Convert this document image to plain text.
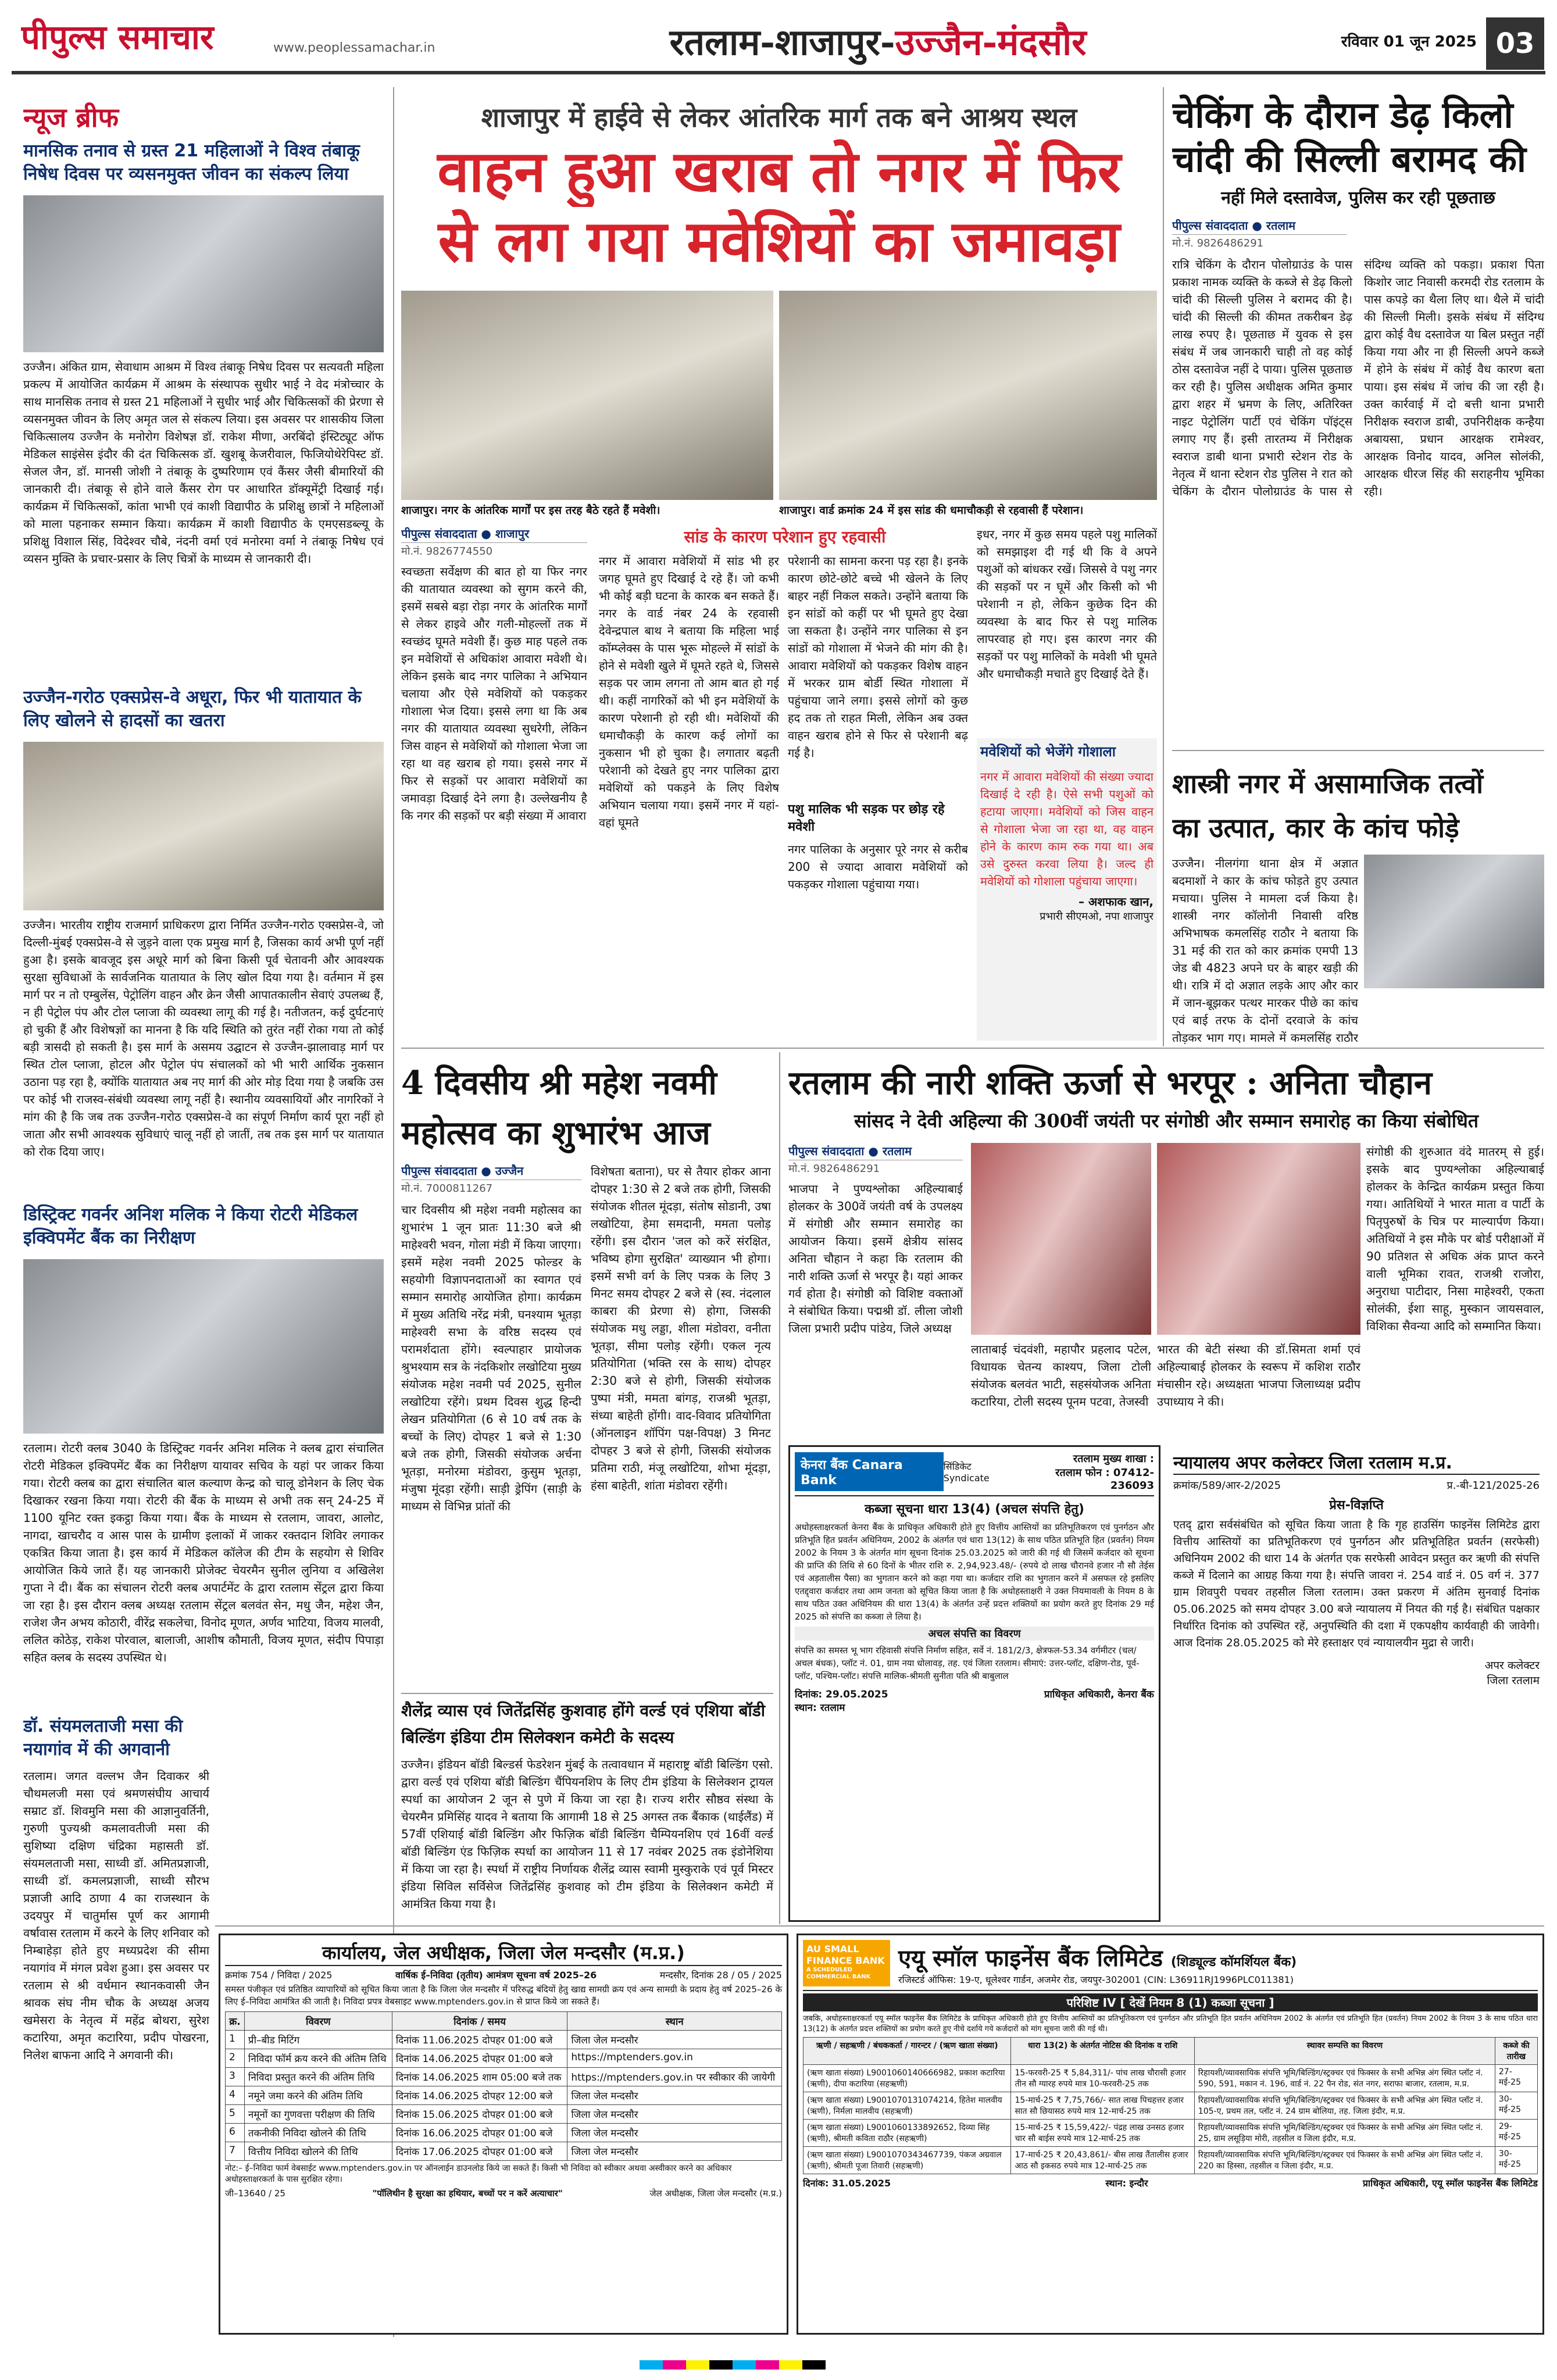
पीपुल्स समाचार	www.peoplessamachar.in	रतलाम-शाजापुर-उज्जैन-मंदसौर	रविवार 01 जून 2025 03
न्यूज ब्रीफ
मानसिक तनाव से ग्रस्त 21 महिलाओं ने विश्व तंबाकू निषेध दिवस पर व्यसनमुक्त जीवन का संकल्प लिया
उज्जैन। अंकित ग्राम, सेवाधाम आश्रम में विश्व तंबाकू निषेध दिवस पर सत्यवती महिला प्रकल्प में आयोजित कार्यक्रम में आश्रम के संस्थापक सुधीर भाई ने वेद मंत्रोच्चार के साथ मानसिक तनाव से ग्रस्त 21 महिलाओं ने सुधीर भाई और चिकित्सकों की प्रेरणा से व्यसनमुक्त जीवन के लिए अमृत जल से संकल्प लिया। इस अवसर पर शासकीय जिला चिकित्सालय उज्जैन के मनोरोग विशेषज्ञ डॉ. राकेश मीणा, अरबिंदो इंस्टिट्यूट ऑफ मेडिकल साइंसेस इंदौर की दंत चिकित्सक डॉ. खुशबू केजरीवाल, फिजियोथेरेपिस्ट डॉ. सेजल जैन, डॉ. मानसी जोशी ने तंबाकू के दुष्परिणाम एवं कैंसर जैसी बीमारियों की जानकारी दी। तंबाकू से होने वाले कैंसर रोग पर आधारित डॉक्यूमेंट्री दिखाई गई। कार्यक्रम में चिकित्सकों, कांता भाभी एवं काशी विद्यापीठ के प्रशिक्षु छात्रों ने महिलाओं को माला पहनाकर सम्मान किया। कार्यक्रम में काशी विद्यापीठ के एमएसडब्ल्यू के प्रशिक्षु विशाल सिंह, विदेश्वर चौबे, नंदनी वर्मा एवं मनोरमा वर्मा ने तंबाकू निषेध एवं व्यसन मुक्ति के प्रचार-प्रसार के लिए चित्रों के माध्यम से जानकारी दी।
उज्जैन-गरोठ एक्सप्रेस-वे अधूरा, फिर भी यातायात के लिए खोलने से हादसों का खतरा
उज्जैन। भारतीय राष्ट्रीय राजमार्ग प्राधिकरण द्वारा निर्मित उज्जैन-गरोठ एक्सप्रेस-वे, जो दिल्ली-मुंबई एक्सप्रेस-वे से जुड़ने वाला एक प्रमुख मार्ग है, जिसका कार्य अभी पूर्ण नहीं हुआ है। इसके बावजूद इस अधूरे मार्ग को बिना किसी पूर्व चेतावनी और आवश्यक सुरक्षा सुविधाओं के सार्वजनिक यातायात के लिए खोल दिया गया है। वर्तमान में इस मार्ग पर न तो एम्बुलेंस, पेट्रोलिंग वाहन और क्रेन जैसी आपातकालीन सेवाएं उपलब्ध हैं, न ही पेट्रोल पंप और टोल प्लाजा की व्यवस्था लागू की गई है। नतीजतन, कई दुर्घटनाएं हो चुकी हैं और विशेषज्ञों का मानना है कि यदि स्थिति को तुरंत नहीं रोका गया तो कोई बड़ी त्रासदी हो सकती है। इस मार्ग के असमय उद्घाटन से उज्जैन-झालावाड़ मार्ग पर स्थित टोल प्लाजा, होटल और पेट्रोल पंप संचालकों को भी भारी आर्थिक नुकसान उठाना पड़ रहा है, क्योंकि यातायात अब नए मार्ग की ओर मोड़ दिया गया है जबकि उस पर कोई भी राजस्व-संबंधी व्यवस्था लागू नहीं है। स्थानीय व्यवसायियों और नागरिकों ने मांग की है कि जब तक उज्जैन-गरोठ एक्सप्रेस-वे का संपूर्ण निर्माण कार्य पूरा नहीं हो जाता और सभी आवश्यक सुविधाएं चालू नहीं हो जातीं, तब तक इस मार्ग पर यातायात को रोक दिया जाए।
डिस्ट्रिक्ट गवर्नर अनिश मलिक ने किया रोटरी मेडिकल इक्विपमेंट बैंक का निरीक्षण
रतलाम। रोटरी क्लब 3040 के डिस्ट्रिक्ट गवर्नर अनिश मलिक ने क्लब द्वारा संचालित रोटरी मेडिकल इक्विपमेंट बैंक का निरीक्षण यायावर सचिव के यहां पर जाकर किया गया। रोटरी क्लब का द्वारा संचालित बाल कल्याण केन्द्र को चालू डोनेशन के लिए चेक दिखाकर रखना किया गया। रोटरी की बैंक के माध्यम से अभी तक सन् 24-25 में 1100 यूनिट रक्त इकट्ठा किया गया। बैंक के माध्यम से रतलाम, जावरा, आलोट, नागदा, खाचरौद व आस पास के ग्रामीण इलाकों में जाकर रक्तदान शिविर लगाकर एकत्रित किया जाता है। इस कार्य में मेडिकल कॉलेज की टीम के सहयोग से शिविर आयोजित किये जाते हैं। यह जानकारी प्रोजेक्ट चेयरमैन सुनील लुनिया व अखिलेश गुप्ता ने दी। बैंक का संचालन रोटरी क्लब अपार्टमेंट के द्वारा रतलाम सेंट्रल द्वारा किया जा रहा है। इस दौरान क्लब अध्यक्ष रतलाम सेंट्रल बलवंत सेन, मधु जैन, महेश जैन, राजेश जैन अभय कोठारी, वीरेंद्र सकलेचा, विनोद मूणत, अर्णव भाटिया, विजय मालवी, ललित कोठेड़, राकेश पोरवाल, बालाजी, आशीष कौमाती, विजय मूणत, संदीप पिपाड़ा सहित क्लब के सदस्य उपस्थित थे।
डॉ. संयमलताजी मसा की नयागांव में की अगवानी
रतलाम। जगत वल्लभ जैन दिवाकर श्री चौथमलजी मसा एवं श्रमणसंघीय आचार्य सम्राट डॉ. शिवमुनि मसा की आज्ञानुवर्तिनी, गुरुणी पुज्यश्री कमलावतीजी मसा की सुशिष्या दक्षिण चंद्रिका महासती डॉ. संयमलताजी मसा, साध्वी डॉ. अमितप्रज्ञाजी, साध्वी डॉ. कमलप्रज्ञाजी, साध्वी सौरभ प्रज्ञाजी आदि ठाणा 4 का राजस्थान के उदयपुर में चातुर्मास पूर्ण कर आगामी वर्षावास रतलाम में करने के लिए शनिवार को निम्बाहेड़ा होते हुए मध्यप्रदेश की सीमा नयागांव में मंगल प्रवेश हुआ। इस अवसर पर रतलाम से श्री वर्धमान स्थानकवासी जैन श्रावक संघ नीम चौक के अध्यक्ष अजय खमेसरा के नेतृत्व में महेंद्र बोथरा, सुरेश कटारिया, अमृत कटारिया, प्रदीप पोखरना, निलेश बाफना आदि ने अगवानी की।
शाजापुर में हाईवे से लेकर आंतरिक मार्ग तक बने आश्रय स्थल
वाहन हुआ खराब तो नगर में फिर
से लग गया मवेशियों का जमावड़ा
शाजापुर। नगर के आंतरिक मार्गों पर इस तरह बैठे रहते हैं मवेशी।	शाजापुर। वार्ड क्रमांक 24 में इस सांड की धमाचौकड़ी से रहवासी हैं परेशान।
पीपुल्स संवाददाता ● शाजापुर
मो.नं. 9826774550
स्वच्छता सर्वेक्षण की बात हो या फिर नगर की यातायात व्यवस्था को सुगम करने की, इसमें सबसे बड़ा रोड़ा नगर के आंतरिक मार्गों से लेकर हाइवे और गली-मोहल्लों तक में स्वच्छंद घूमते मवेशी हैं। कुछ माह पहले तक इन मवेशियों से अधिकांश आवारा मवेशी थे। लेकिन इसके बाद नगर पालिका ने अभियान चलाया और ऐसे मवेशियों को पकड़कर गोशाला भेज दिया। इससे लगा था कि अब नगर की यातायात व्यवस्था सुधरेगी, लेकिन जिस वाहन से मवेशियों को गोशाला भेजा जा रहा था वह खराब हो गया। इससे नगर में फिर से सड़कों पर आवारा मवेशियों का जमावड़ा दिखाई देने लगा है। उल्लेखनीय है कि नगर की सड़कों पर बड़ी संख्या में आवारा
सांड के कारण परेशान हुए रहवासी
नगर में आवारा मवेशियों में सांड भी हर जगह घूमते हुए दिखाई दे रहे हैं। जो कभी भी कोई बड़ी घटना के कारक बन सकते हैं। नगर के वार्ड नंबर 24 के रहवासी देवेन्द्रपाल बाथ ने बताया कि महिला भाई कॉम्प्लेक्स के पास भूरू मोहल्ले में सांडों के होने से मवेशी खुले में घूमते रहते थे, जिससे सड़क पर जाम लगना तो आम बात हो गई थी। कहीं नागरिकों को भी इन मवेशियों के कारण परेशानी हो रही थी। मवेशियों की धमाचौकड़ी के कारण कई लोगों का नुकसान भी हो चुका है। लगातार बढ़ती परेशानी को देखते हुए नगर पालिका द्वारा मवेशियों को पकड़ने के लिए विशेष अभियान चलाया गया। इसमें नगर में यहां-वहां घूमते
परेशानी का सामना करना पड़ रहा है। इनके कारण छोटे-छोटे बच्चे भी खेलने के लिए बाहर नहीं निकल सकते। उन्होंने बताया कि इन सांडों को कहीं पर भी घूमते हुए देखा जा सकता है। उन्होंने नगर पालिका से इन सांडों को गोशाला में भेजने की मांग की है। आवारा मवेशियों को पकड़कर विशेष वाहन में भरकर ग्राम बोर्डी स्थित गोशाला में पहुंचाया जाने लगा। इससे लोगों को कुछ हद तक तो राहत मिली, लेकिन अब उक्त वाहन खराब होने से फिर से परेशानी बढ़ गई है।
पशु मालिक भी सड़क पर छोड़ रहे मवेशी
नगर पालिका के अनुसार पूरे नगर से करीब 200 से ज्यादा आवारा मवेशियों को पकड़कर गोशाला पहुंचाया गया।
इधर, नगर में कुछ समय पहले पशु मालिकों को समझाइश दी गई थी कि वे अपने पशुओं को बांधकर रखें। जिससे वे पशु नगर की सड़कों पर न घूमें और किसी को भी परेशानी न हो, लेकिन कुछेक दिन की व्यवस्था के बाद फिर से पशु मालिक लापरवाह हो गए। इस कारण नगर की सड़कों पर पशु मालिकों के मवेशी भी घूमते और धमाचौकड़ी मचाते हुए दिखाई देते हैं।
मवेशियों को भेजेंगे गोशाला
नगर में आवारा मवेशियों की संख्या ज्यादा दिखाई दे रही है। ऐसे सभी पशुओं को हटाया जाएगा। मवेशियों को जिस वाहन से गोशाला भेजा जा रहा था, वह वाहन होने के कारण काम रुक गया था। अब उसे दुरुस्त करवा लिया है। जल्द ही मवेशियों को गोशाला पहुंचाया जाएगा।
– अशफाक खान,
प्रभारी सीएमओ, नपा शाजापुर
चेकिंग के दौरान डेढ़ किलो
चांदी की सिल्ली बरामद की
नहीं मिले दस्तावेज, पुलिस कर रही पूछताछ
पीपुल्स संवाददाता ● रतलाम
मो.नं. 9826486291
रात्रि चेकिंग के दौरान पोलोग्राउंड के पास प्रकाश नामक व्यक्ति के कब्जे से डेढ़ किलो चांदी की सिल्ली पुलिस ने बरामद की है। चांदी की सिल्ली की कीमत तकरीबन डेढ़ लाख रुपए है। पूछताछ में युवक से इस संबंध में जब जानकारी चाही तो वह कोई ठोस दस्तावेज नहीं दे पाया। पुलिस पूछताछ कर रही है। पुलिस अधीक्षक अमित कुमार द्वारा शहर में भ्रमण के लिए, अतिरिक्त नाइट पेट्रोलिंग पार्टी एवं चेकिंग पॉइंट्स लगाए गए हैं। इसी तारतम्य में निरीक्षक स्वराज डाबी थाना प्रभारी स्टेशन रोड के नेतृत्व में थाना स्टेशन रोड पुलिस ने रात को चेकिंग के दौरान पोलोग्राउंड के पास से संदिग्ध व्यक्ति को पकड़ा। प्रकाश पिता किशोर जाट निवासी करमदी रोड रतलाम के पास कपड़े का थैला लिए था। थैले में चांदी की सिल्ली मिली। इसके संबंध में संदिग्ध द्वारा कोई वैध दस्तावेज या बिल प्रस्तुत नहीं किया गया और ना ही सिल्ली अपने कब्जे में होने के संबंध में कोई वैध कारण बता पाया। इस संबंध में जांच की जा रही है। उक्त कार्रवाई में दो बत्ती थाना प्रभारी निरीक्षक स्वराज डाबी, उपनिरीक्षक कन्हैया अबायसा, प्रधान आरक्षक रामेश्वर, आरक्षक विनोद यादव, अनिल सोलंकी, आरक्षक धीरज सिंह की सराहनीय भूमिका रही।
शास्त्री नगर में असामाजिक तत्वों
का उत्पात, कार के कांच फोड़े
उज्जैन। नीलगंगा थाना क्षेत्र में अज्ञात बदमाशों ने कार के कांच फोड़ते हुए उत्पात मचाया। पुलिस ने मामला दर्ज किया है। शास्त्री नगर कॉलोनी निवासी वरिष्ठ अभिभाषक कमलसिंह राठौर ने बताया कि 31 मई की रात को कार क्रमांक एमपी 13 जेड बी 4823 अपने घर के बाहर खड़ी की थी। रात्रि में दो अज्ञात लड़के आए और कार में जान-बूझकर पत्थर मारकर पीछे का कांच एवं बाई तरफ के दोनों दरवाजे के कांच तोड़कर भाग गए। मामले में कमलसिंह राठौर
4 दिवसीय श्री महेश नवमी
महोत्सव का शुभारंभ आज
पीपुल्स संवाददाता ● उज्जैन
मो.नं. 7000811267
चार दिवसीय श्री महेश नवमी महोत्सव का शुभारंभ 1 जून प्रातः 11:30 बजे श्री माहेश्वरी भवन, गोला मंडी में किया जाएगा। इसमें महेश नवमी 2025 फोल्डर के सहयोगी विज्ञापनदाताओं का स्वागत एवं सम्मान समारोह आयोजित होगा। कार्यक्रम में मुख्य अतिथि नरेंद्र मंत्री, घनश्याम भूतड़ा माहेश्वरी सभा के वरिष्ठ सदस्य एवं परामर्शदाता होंगे। स्वल्पाहार प्रायोजक श्रुभश्याम सत्र के नंदकिशोर लखोटिया मुख्य संयोजक महेश नवमी पर्व 2025, सुनील लखोटिया रहेंगे। प्रथम दिवस शुद्ध हिन्दी लेखन प्रतियोगिता (6 से 10 वर्ष तक के बच्चों के लिए) दोपहर 1 बजे से 1:30 बजे तक होगी, जिसकी संयोजक अर्चना भूतड़ा, मनोरमा मंडोवरा, कुसुम भूतड़ा, मंजुषा मूंदड़ा रहेंगी। साड़ी ड्रेपिंग (साड़ी के माध्यम से विभिन्न प्रांतों की
विशेषता बताना), घर से तैयार होकर आना दोपहर 1:30 से 2 बजे तक होगी, जिसकी संयोजक शीतल मूंदड़ा, संतोष सोडानी, उषा लखोटिया, हेमा समदानी, ममता पलोड़ रहेंगी। इस दौरान 'जल को करें संरक्षित, भविष्य होगा सुरक्षित' व्याख्यान भी होगा। इसमें सभी वर्ग के लिए पत्रक के लिए 3 मिनट समय दोपहर 2 बजे से (स्व. नंदलाल काबरा की प्रेरणा से) होगा, जिसकी संयोजक मधु लड्डा, शीला मंडोवरा, वनीता भूतड़ा, सीमा पलोड़ रहेंगी। एकल नृत्य प्रतियोगिता (भक्ति रस के साथ) दोपहर 2:30 बजे से होगी, जिसकी संयोजक पुष्पा मंत्री, ममता बांगड़, राजश्री भूतड़ा, संध्या बाहेती होंगी। वाद-विवाद प्रतियोगिता (ऑनलाइन शॉपिंग पक्ष-विपक्ष) 3 मिनट दोपहर 3 बजे से होगी, जिसकी संयोजक प्रतिमा राठी, मंजू लखोटिया, शोभा मूंदड़ा, हंसा बाहेती, शांता मंडोवरा रहेंगी।
शैलेंद्र व्यास एवं जितेंद्रसिंह कुशवाह होंगे वर्ल्ड एवं एशिया बॉडी बिल्डिंग इंडिया टीम सिलेक्शन कमेटी के सदस्य
उज्जैन। इंडियन बॉडी बिल्डर्स फेडरेशन मुंबई के तत्वावधान में महाराष्ट्र बॉडी बिल्डिंग एसो. द्वारा वर्ल्ड एवं एशिया बॉडी बिल्डिंग चैंपियनशिप के लिए टीम इंडिया के सिलेक्शन ट्रायल स्पर्धा का आयोजन 2 जून से पुणे में किया जा रहा है। राज्य शरीर सौष्ठव संस्था के चेयरमैन प्रमिसिंह यादव ने बताया कि आगामी 18 से 25 अगस्त तक बैंकाक (थाईलैंड) में 57वीं एशियाई बॉडी बिल्डिंग और फिज़िक बॉडी बिल्डिंग चैम्पियनशिप एवं 16वीं वर्ल्ड बॉडी बिल्डिंग एंड फिज़िक स्पर्धा का आयोजन 11 से 17 नवंबर 2025 तक इंडोनेशिया में किया जा रहा है। स्पर्धा में राष्ट्रीय निर्णायक शैलेंद्र व्यास स्वामी मुस्कुराके एवं पूर्व मिस्टर इंडिया सिविल सर्विसेज जितेंद्रसिंह कुशवाह को टीम इंडिया के सिलेक्शन कमेटी में आमंत्रित किया गया है।
रतलाम की नारी शक्ति ऊर्जा से भरपूर : अनिता चौहान
सांसद ने देवी अहिल्या की 300वीं जयंती पर संगोष्ठी और सम्मान समारोह का किया संबोधित
पीपुल्स संवाददाता ● रतलाम
मो.नं. 9826486291
भाजपा ने पुण्यश्लोका अहिल्याबाई होलकर के 300वें जयंती वर्ष के उपलक्ष्य में संगोष्ठी और सम्मान समारोह का आयोजन किया। इसमें क्षेत्रीय सांसद अनिता चौहान ने कहा कि रतलाम की नारी शक्ति ऊर्जा से भरपूर है। यहां आकर गर्व होता है। संगोष्ठी को विशिष्ट वक्ताओं ने संबोधित किया। पद्मश्री डॉ. लीला जोशी जिला प्रभारी प्रदीप पांडेय, जिले अध्यक्ष
लाताबाई चंदवंशी, महापौर प्रहलाद पटेल, विधायक चेतन्य काश्यप, जिला टोली संयोजक बलवंत भाटी, सहसंयोजक अनिता कटारिया, टोली सदस्य पूनम पटवा, तेजस्वी
भारत की बेटी संस्था की डॉ.सिमता शर्मा एवं अहिल्याबाई होलकर के स्वरूप में कशिश राठौर मंचासीन रहे। अध्यक्षता भाजपा जिलाध्यक्ष प्रदीप उपाध्याय ने की।
संगोष्ठी की शुरुआत वंदे मातरम् से हुई। इसके बाद पुण्यश्लोका अहिल्याबाई होलकर के केन्द्रित कार्यक्रम प्रस्तुत किया गया। आतिथियों ने भारत माता व पार्टी के पितृपुरुषों के चित्र पर माल्यार्पण किया। अतिथियों ने इस मौके पर बोर्ड परीक्षाओं में 90 प्रतिशत से अधिक अंक प्राप्त करने वाली भूमिका रावत, राजश्री राजोरा, अनुराधा पाटीदार, निसा माहेश्वरी, एकता सोलंकी, ईशा साहू, मुस्कान जायसवाल, विशिका सैवन्या आदि को सम्मानित किया।
केनरा बैंक Canara Bank
सिंडिकेट Syndicate
रतलाम मुख्य शाखा :
रतलाम फोन : 07412-236093
कब्जा सूचना धारा 13(4) (अचल संपत्ति हेतु)
अधोहस्ताक्षरकर्ता केनरा बैंक के प्राधिकृत अधिकारी होते हुए वित्तीय आस्तियों का प्रतिभूतिकरण एवं पुनर्गठन और प्रतिभूति हित प्रवर्तन अधिनियम, 2002 के अंतर्गत एवं धारा 13(12) के साथ पठित प्रतिभूति हित (प्रवर्तन) नियम 2002 के नियम 3 के अंतर्गत मांग सूचना दिनांक 25.03.2025 को जारी की गई थी जिसमें कर्जदार को सूचना की प्राप्ति की तिथि से 60 दिनों के भीतर राशि रु. 2,94,923.48/- (रुपये दो लाख चौरानवे हजार नौ सौ तेईस एवं अड़तालीस पैसा) का भुगतान करने को कहा गया था। कर्जदार राशि का भुगतान करने में असफल रहे इसलिए एतद्द्वारा कर्जदार तथा आम जनता को सूचित किया जाता है कि अधोहस्ताक्षरी ने उक्त नियमावली के नियम 8 के साथ पठित उक्त अधिनियम की धारा 13(4) के अंतर्गत उन्हें प्रदत्त शक्तियों का प्रयोग करते हुए दिनांक 29 मई 2025 को संपत्ति का कब्जा ले लिया है।
अचल संपत्ति का विवरण
संपत्ति का समस्त भू भाग रहिवासी संपत्ति निर्माण सहित, सर्वे नं. 181/2/3, क्षेत्रफल-53.34 वर्गमीटर (चल/अचल बंधक), प्लॉट नं. 01, ग्राम नया धोलावड़, तह. एवं जिला रतलाम। सीमाएं: उत्तर-प्लॉट, दक्षिण-रोड, पूर्व-प्लॉट, पश्चिम-प्लॉट। संपत्ति मालिक-श्रीमती सुनीता पति श्री बाबुलाल
दिनांक: 29.05.2025
स्थान: रतलाम
प्राधिकृत अधिकारी, केनरा बैंक
न्यायालय अपर कलेक्टर जिला रतलाम म.प्र.
क्रमांक/589/आर-2/2025	प्र.-बी-121/2025-26
प्रेस-विज्ञप्ति
एतद् द्वारा सर्वसंबंधित को सूचित किया जाता है कि गृह हाउसिंग फाइनेंस लिमिटेड द्वारा वित्तीय आस्तियों का प्रतिभूतिकरण एवं पुनर्गठन और प्रतिभूतिहित प्रवर्तन (सरफेसी) अधिनियम 2002 की धारा 14 के अंतर्गत एक सरफेसी आवेदन प्रस्तुत कर ऋणी की संपत्ति कब्जे में दिलाने का आग्रह किया गया है। संपत्ति जावरा नं. 254 वार्ड नं. 05 वर्ग नं. 377 ग्राम शिवपुरी पचवर तहसील जिला रतलाम। उक्त प्रकरण में अंतिम सुनवाई दिनांक 05.06.2025 को समय दोपहर 3.00 बजे न्यायालय में नियत की गई है। संबंधित पक्षकार निर्धारित दिनांक को उपस्थित रहें, अनुपस्थिति की दशा में एकपक्षीय कार्यवाही की जावेगी। आज दिनांक 28.05.2025 को मेरे हस्ताक्षर एवं न्यायालयीन मुद्रा से जारी।
अपर कलेक्टर
जिला रतलाम
कार्यालय, जेल अधीक्षक, जिला जेल मन्दसौर (म.प्र.)
क्रमांक 754 / निविदा / 2025	वार्षिक ई–निविदा (तृतीय) आमंत्रण सूचना वर्ष 2025–26	मन्दसौर, दिनांक 28 / 05 / 2025
समस्त पंजीकृत एवं प्रतिष्ठित व्यापारियों को सूचित किया जाता है कि जिला जेल मन्दसौर में परिरुद्ध बंदियों हेतु खाद्य सामग्री क्रय एवं अन्य सामग्री के प्रदाय हेतु वर्ष 2025–26 के लिए ई–निविदा आमंत्रित की जाती है। निविदा प्रपत्र वेबसाइट www.mptenders.gov.in से प्राप्त किये जा सकते हैं।
क्र.	विवरण	दिनांक / समय	स्थान
1	प्री–बीड मिटिंग	दिनांक 11.06.2025 दोपहर 01:00 बजे	जिला जेल मन्दसौर
2	निविदा फॉर्म क्रय करने की अंतिम तिथि	दिनांक 14.06.2025 दोपहर 01:00 बजे	https://mptenders.gov.in
3	निविदा प्रस्तुत करने की अंतिम तिथि	दिनांक 14.06.2025 शाम 05:00 बजे तक	https://mptenders.gov.in पर स्वीकार की जायेगी
4	नमूने जमा करने की अंतिम तिथि	दिनांक 14.06.2025 दोपहर 12:00 बजे	जिला जेल मन्दसौर
5	नमूनों का गुणवत्ता परीक्षण की तिथि	दिनांक 15.06.2025 दोपहर 01:00 बजे	जिला जेल मन्दसौर
6	तकनीकी निविदा खोलने की तिथि	दिनांक 16.06.2025 दोपहर 01:00 बजे	जिला जेल मन्दसौर
7	वित्तीय निविदा खोलने की तिथि	दिनांक 17.06.2025 दोपहर 01:00 बजे	जिला जेल मन्दसौर
नोट:– ई–निविदा फार्म वेबसाईट www.mptenders.gov.in पर ऑनलाईन डाउनलोड किये जा सकते हैं। किसी भी निविदा को स्वीकार अथवा अस्वीकार करने का अधिकार अधोहस्ताक्षरकर्ता के पास सुरक्षित रहेगा।
जी–13640 / 25	"पॉलिथीन है सुरक्षा का हथियार, बच्चों पर न करें अत्याचार"	जेल अधीक्षक, जिला जेल मन्दसौर (म.प्र.)
AU SMALL FINANCE BANK
A SCHEDULED COMMERCIAL BANK
एयू स्मॉल फाइनेंस बैंक लिमिटेड (शिड्यूल्ड कॉमर्शियल बैंक)
रजिस्टर्ड ऑफिस: 19-ए, धूलेश्वर गार्डन, अजमेर रोड, जयपुर-302001 (CIN: L36911RJ1996PLC011381)
परिशिष्ट IV [ देखें नियम 8 (1) कब्जा सूचना ]
जबकि, अधोहस्ताक्षरकर्ता एयू स्मॉल फाइनेंस बैंक लिमिटेड के प्राधिकृत अधिकारी होते हुए वित्तीय आस्तियों का प्रतिभूतिकरण एवं पुनर्गठन और प्रतिभूति हित प्रवर्तन अधिनियम 2002 के अंतर्गत एवं प्रतिभूति हित (प्रवर्तन) नियम 2002 के नियम 3 के साथ पठित धारा 13(12) के अंतर्गत प्रदत्त शक्तियों का प्रयोग करते हुए नीचे दर्शाये गये कर्जदारों को मांग सूचना जारी की गई थी।
ऋणी / सहऋणी / बंधककर्ता / गारन्टर / (ऋण खाता संख्या)	धारा 13(2) के अंतर्गत नोटिस की दिनांक व राशि	स्थावर सम्पत्ति का विवरण	कब्जे की तारीख
(ऋण खाता संख्या) L9001060140666982, प्रकाश कटारिया (ऋणी), दीपा कटारिया (सहऋणी)	15-फरवरी-25 ₹ 5,84,311/- पांच लाख चौरासी हजार तीन सौ ग्यारह रुपये मात्र 10-फरवरी-25 तक	रिहायशी/व्यावसायिक संपत्ति भूमि/बिल्डिंग/स्ट्रक्चर एवं फिक्सर के सभी अभिन्न अंग स्थित प्लॉट नं. 590, 591, मकान नं. 196, वार्ड नं. 22 पैन रोड, संत नगर, सराफा बाजार, रतलाम, म.प्र.	27-मई-25
(ऋण खाता संख्या) L9001070131074214, हितेश मालवीय (ऋणी), निर्मला मालवीय (सहऋणी)	15-मार्च-25 ₹ 7,75,766/- सात लाख पिचहत्तर हजार सात सौ छियासठ रुपये मात्र 12-मार्च-25 तक	रिहायशी/व्यावसायिक संपत्ति भूमि/बिल्डिंग/स्ट्रक्चर एवं फिक्सर के सभी अभिन्न अंग स्थित प्लॉट नं. 105-ए, प्रथम तल, प्लॉट नं. 24 ग्राम बोलिया, तह. जिला इंदौर, म.प्र.	30-मई-25
(ऋण खाता संख्या) L9001060133892652, दिव्या सिंह (ऋणी), श्रीमती कविता राठौर (सहऋणी)	15-मार्च-25 ₹ 15,59,422/- पंद्रह लाख उनसठ हजार चार सौ बाईस रुपये मात्र 12-मार्च-25 तक	रिहायशी/व्यावसायिक संपत्ति भूमि/बिल्डिंग/स्ट्रक्चर एवं फिक्सर के सभी अभिन्न अंग स्थित प्लॉट नं. 25, ग्राम लसूड़िया मोरी, तहसील व जिला इंदौर, म.प्र.	29-मई-25
(ऋण खाता संख्या) L9001070343467739, पंकज अग्रवाल (ऋणी), श्रीमती पूजा तिवारी (सहऋणी)	17-मार्च-25 ₹ 20,43,861/- बीस लाख तैंतालीस हजार आठ सौ इकसठ रुपये मात्र 12-मार्च-25 तक	रिहायशी/व्यावसायिक संपत्ति भूमि/बिल्डिंग/स्ट्रक्चर एवं फिक्सर के सभी अभिन्न अंग स्थित प्लॉट नं. 220 का हिस्सा, तहसील व जिला इंदौर, म.प्र.	30-मई-25
दिनांक: 31.05.2025	स्थान: इन्दौर	प्राधिकृत अधिकारी, एयू स्मॉल फाइनेंस बैंक लिमिटेड
